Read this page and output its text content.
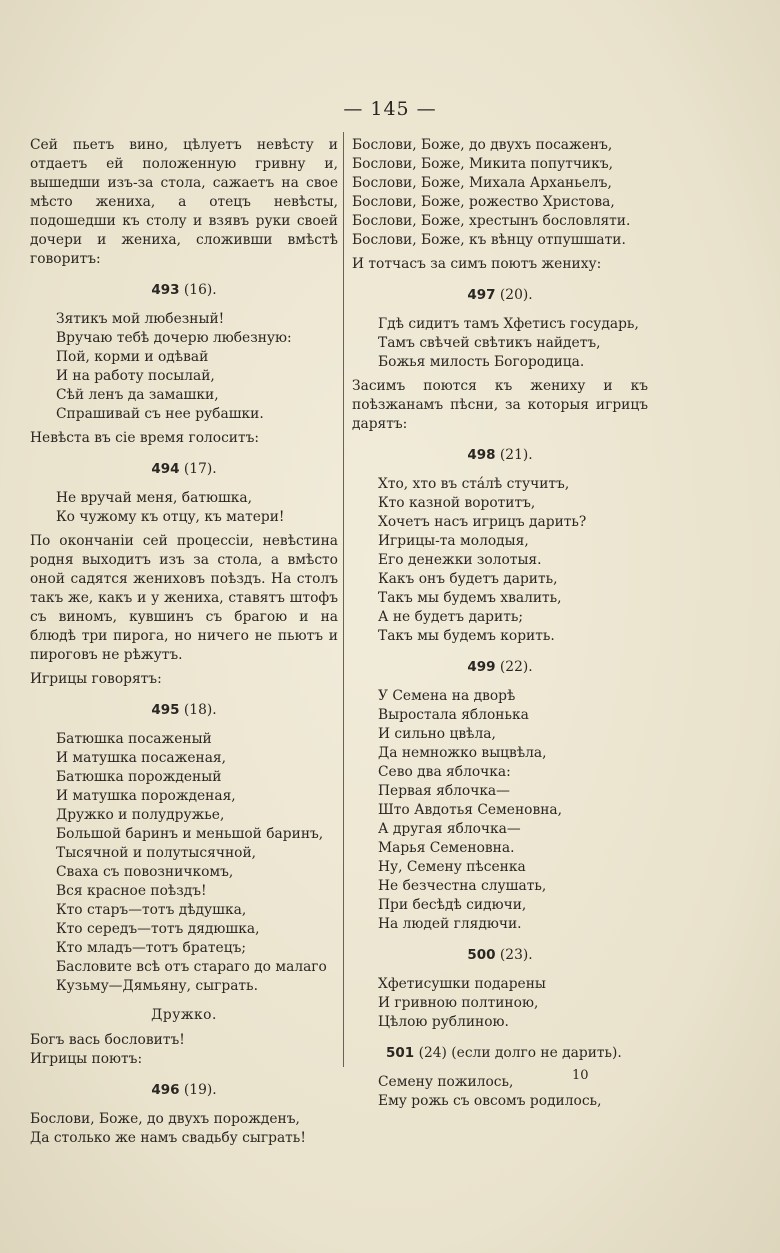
— 145 —
Сей пьетъ вино, цѣлуетъ невѣсту и отдаетъ ей положенную гривну и, вышедши изъ-за стола, сажаетъ на свое мѣсто жениха, а отецъ невѣсты, подошедши къ столу и взявъ руки своей дочери и жениха, сложивши вмѣстѣ говоритъ:
493 (16).
Зятикъ мой любезный!
Вручаю тебѣ дочерю любезную:
Пой, корми и одѣвай
И на работу посылай,
Сѣй ленъ да замашки,
Спрашивай съ нее рубашки.
Невѣста въ сіе время голоситъ:
494 (17).
Не вручай меня, батюшка,
Ко чужому къ отцу, къ матери!
По окончаніи сей процессіи, невѣстина родня выходитъ изъ за стола, а вмѣсто оной садятся жениховъ поѣздъ. На столъ такъ же, какъ и у жениха, ставятъ штофъ съ виномъ, кувшинъ съ брагою и на блюдѣ три пирога, но ничего не пьютъ и пироговъ не рѣжутъ.
Игрицы говорятъ:
495 (18).
Батюшка посаженый
И матушка посаженая,
Батюшка порожденый
И матушка порожденая,
Дружко и полудружье,
Большой баринъ и меньшой баринъ,
Тысячной и полутысячной,
Сваха съ повозничкомъ,
Вся красное поѣздъ!
Кто старъ—тотъ дѣдушка,
Кто середъ—тотъ дядюшка,
Кто младъ—тотъ братецъ;
Басловите всѣ отъ стараго до малаго
Кузьму—Дямьяну, сыграть.
Дружко.
Богъ вась бословитъ!
Игрицы поютъ:
496 (19).
Бослови, Боже, до двухъ порожденъ,
Да столько же намъ свадьбу сыграть!
Бослови, Боже, до двухъ посаженъ,
Бослови, Боже, Микита попутчикъ,
Бослови, Боже, Михала Арханьелъ,
Бослови, Боже, рожество Христова,
Бослови, Боже, хрестынъ бословляти.
Бослови, Боже, къ вѣнцу отпушшати.
И тотчасъ за симъ поютъ жениху:
497 (20).
Гдѣ сидитъ тамъ Хфетисъ государь,
Тамъ свѣчей свѣтикъ найдетъ,
Божья милость Богородица.
Засимъ поются къ жениху и къ поѣзжанамъ пѣсни, за которыя игрицъ дарятъ:
498 (21).
Хто, хто въ стáлѣ стучитъ,
Кто казной воротитъ,
Хочетъ насъ игрицъ дарить?
Игрицы-та молодыя,
Его денежки золотыя.
Какъ онъ будетъ дарить,
Такъ мы будемъ хвалить,
А не будетъ дарить;
Такъ мы будемъ корить.
499 (22).
У Семена на дворѣ
Выростала яблонька
И сильно цвѣла,
Да немножко выцвѣла,
Сево два яблочка:
Первая яблочка—
Што Авдотья Семеновна,
А другая яблочка—
Марья Семеновна.
Ну, Семену пѣсенка
Не безчестна слушать,
При бесѣдѣ сидючи,
На людей глядючи.
500 (23).
Хфетисушки подарены
И гривною полтиною,
Цѣлою рублиною.
501 (24) (если долго не дарить).
Семену пожилось,
Ему рожь съ овсомъ родилось,
10
